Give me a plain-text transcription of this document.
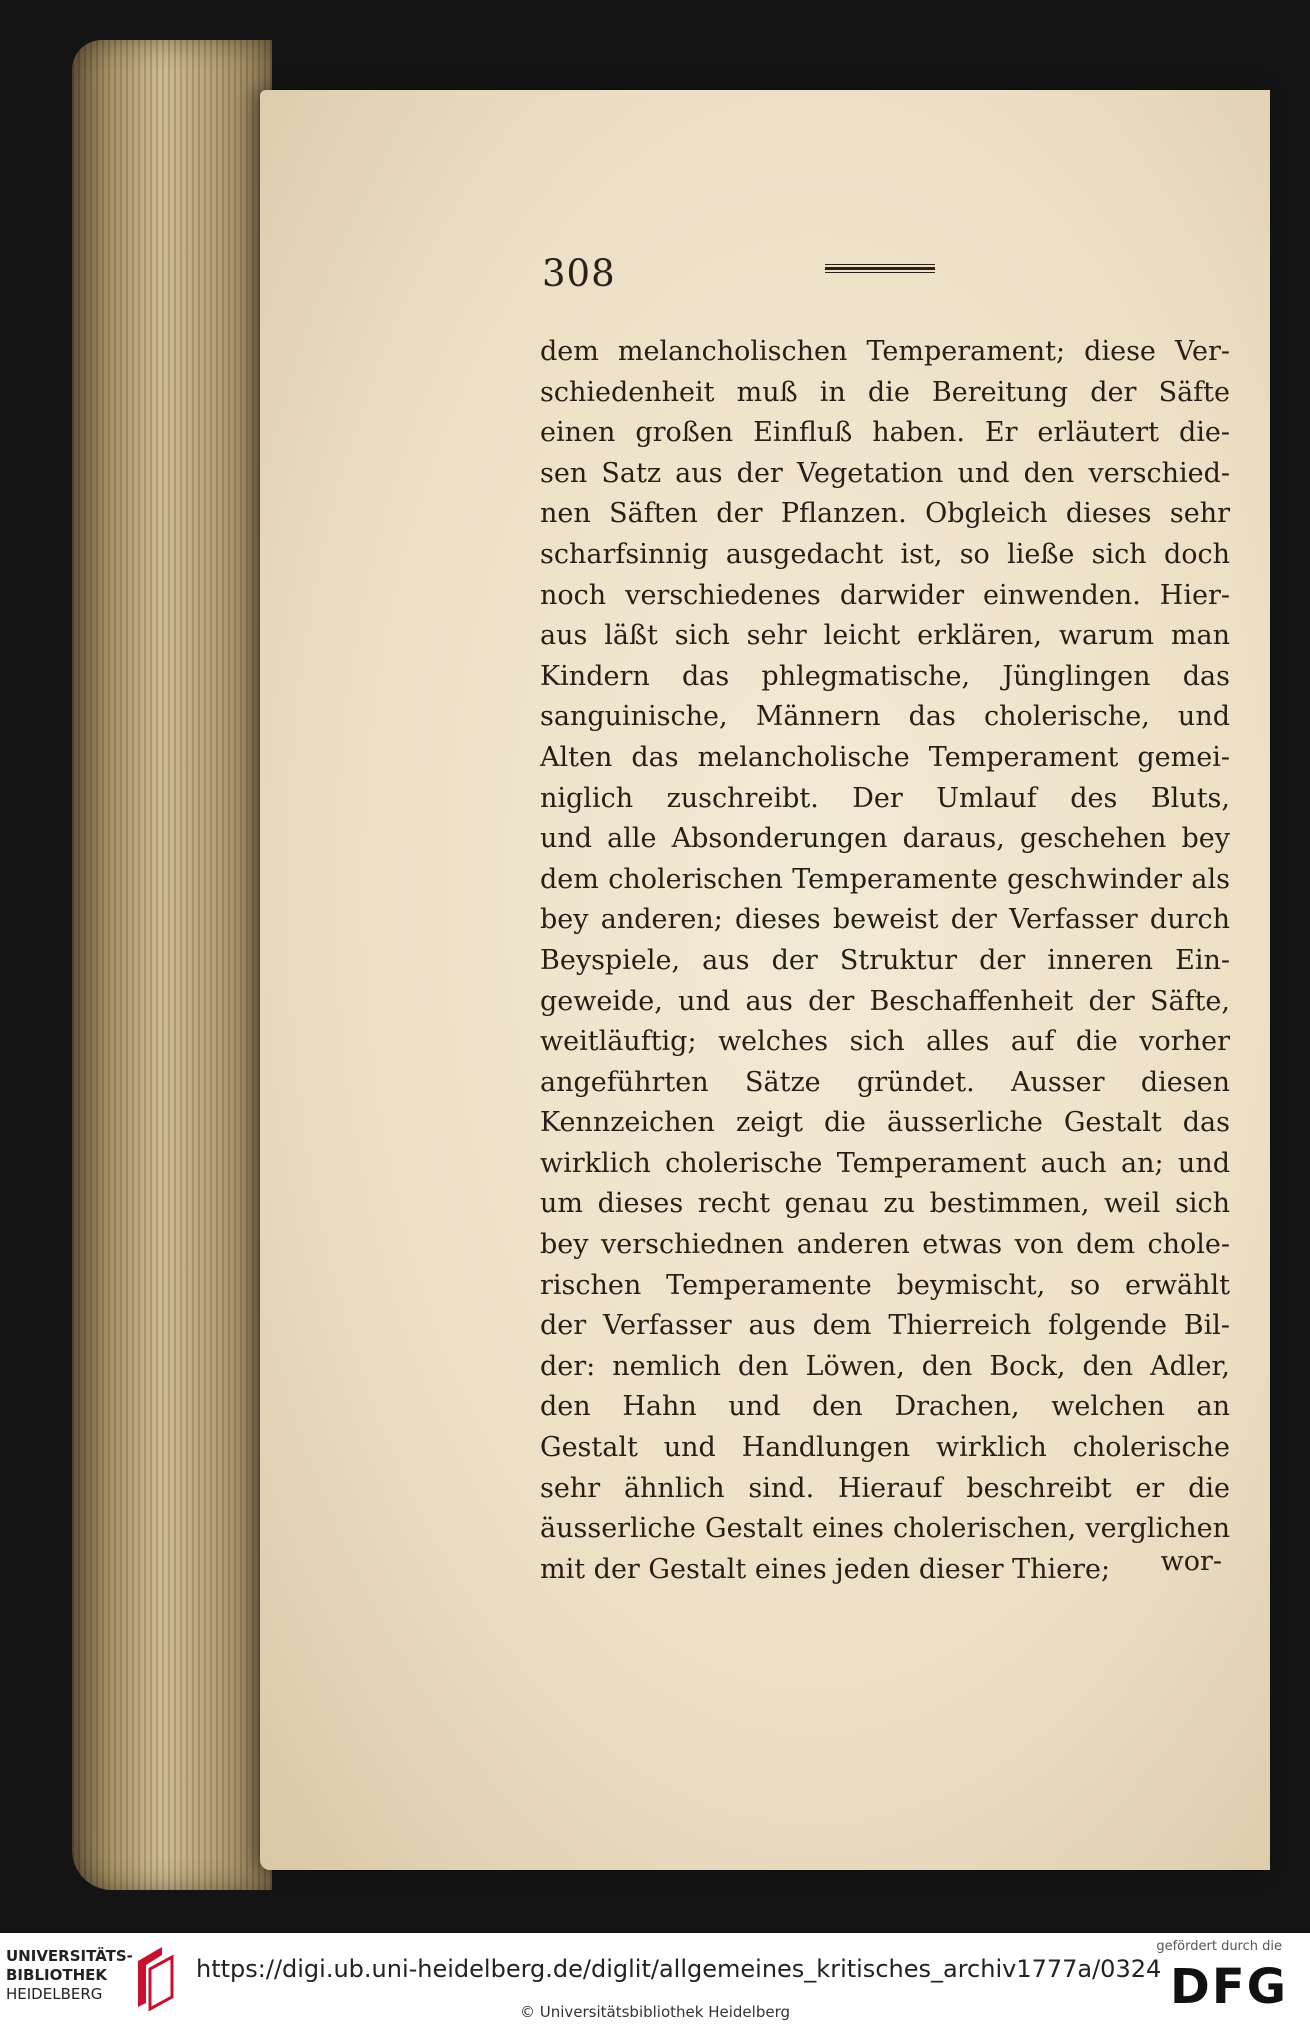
308
dem melancholischen Temperament; diese Ver-
schiedenheit muß in die Bereitung der Säfte
einen großen Einfluß haben. Er erläutert die-
sen Satz aus der Vegetation und den verschied-
nen Säften der Pflanzen. Obgleich dieses sehr
scharfsinnig ausgedacht ist, so ließe sich doch
noch verschiedenes darwider einwenden. Hier-
aus läßt sich sehr leicht erklären, warum man
Kindern das phlegmatische, Jünglingen das
sanguinische, Männern das cholerische, und
Alten das melancholische Temperament gemei-
niglich zuschreibt. Der Umlauf des Bluts,
und alle Absonderungen daraus, geschehen bey
dem cholerischen Temperamente geschwinder als
bey anderen; dieses beweist der Verfasser durch
Beyspiele, aus der Struktur der inneren Ein-
geweide, und aus der Beschaffenheit der Säfte,
weitläuftig; welches sich alles auf die vorher
angeführten Sätze gründet. Ausser diesen
Kennzeichen zeigt die äusserliche Gestalt das
wirklich cholerische Temperament auch an; und
um dieses recht genau zu bestimmen, weil sich
bey verschiednen anderen etwas von dem chole-
rischen Temperamente beymischt, so erwählt
der Verfasser aus dem Thierreich folgende Bil-
der: nemlich den Löwen, den Bock, den Adler,
den Hahn und den Drachen, welchen an
Gestalt und Handlungen wirklich cholerische
sehr ähnlich sind. Hierauf beschreibt er die
äusserliche Gestalt eines cholerischen, verglichen
mit der Gestalt eines jeden dieser Thiere;	wor-
UNIVERSITÄTS-
BIBLIOTHEK
HEIDELBERG
https://digi.ub.uni-heidelberg.de/diglit/allgemeines_kritisches_archiv1777a/0324
© Universitätsbibliothek Heidelberg
gefördert durch die
DFG
